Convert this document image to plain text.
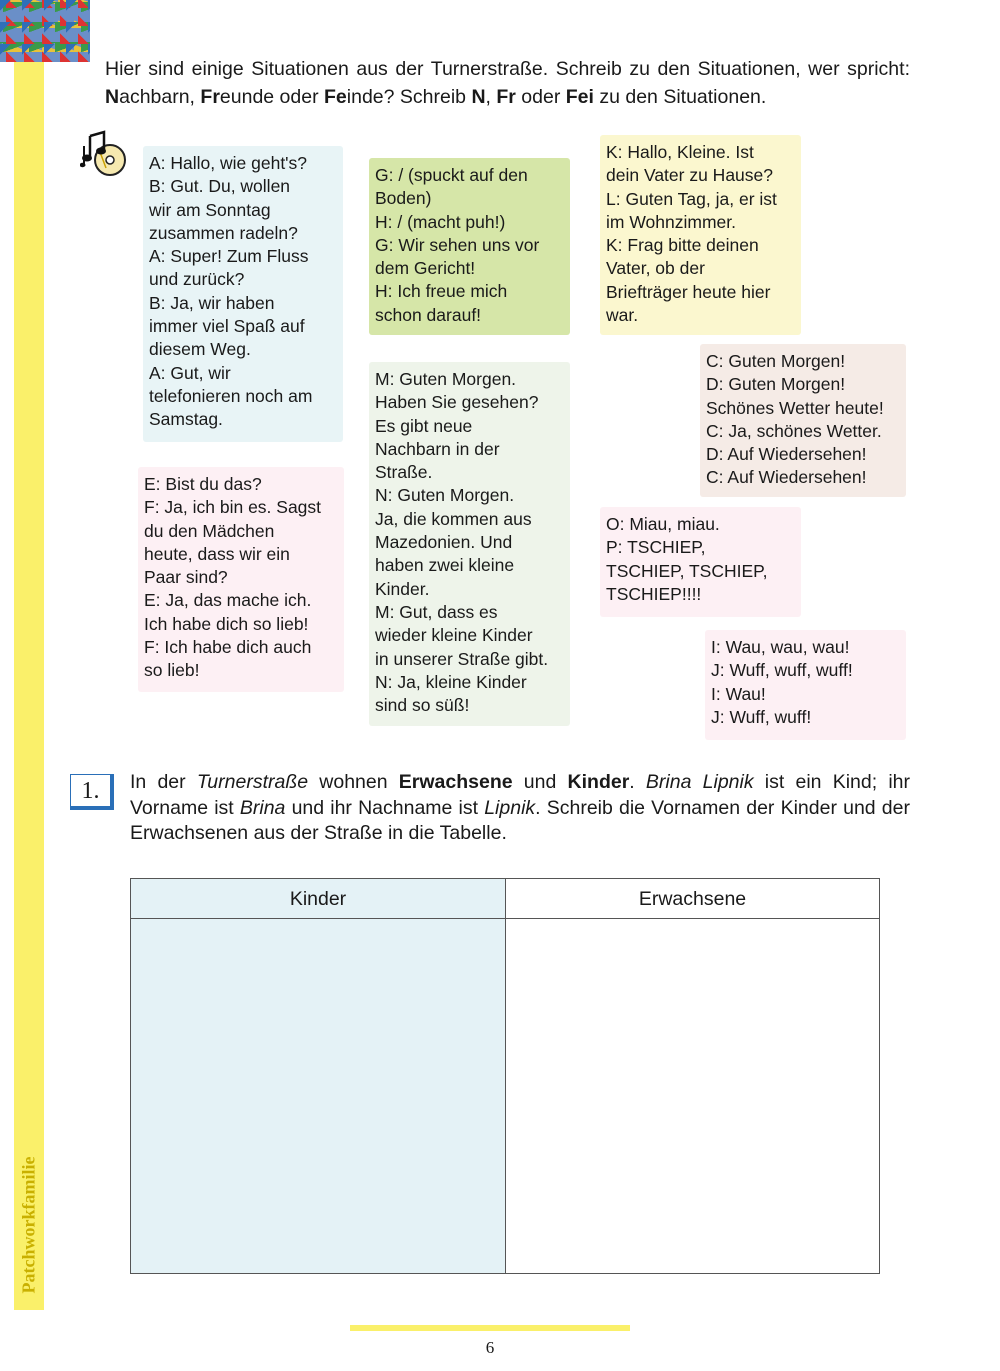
Patchworkfamilie
Hier sind einige Situationen aus der Turnerstraße. Schreib zu den Situationen, wer spricht: Nachbarn, Freunde oder Feinde? Schreib N, Fr oder Fei zu den Situationen.
A: Hallo, wie geht's?
B: Gut. Du, wollen
wir am Sonntag
zusammen radeln?
A: Super! Zum Fluss
und zurück?
B: Ja, wir haben
immer viel Spaß auf
diesem Weg.
A: Gut, wir
telefonieren noch am
Samstag.
G: / (spuckt auf den
Boden)
H: / (macht puh!)
G: Wir sehen uns vor
dem Gericht!
H: Ich freue mich
schon darauf!
K: Hallo, Kleine. Ist
dein Vater zu Hause?
L: Guten Tag, ja, er ist
im Wohnzimmer.
K: Frag bitte deinen
Vater, ob der
Briefträger heute hier
war.
C: Guten Morgen!
D: Guten Morgen!
Schönes Wetter heute!
C: Ja, schönes Wetter.
D: Auf Wiedersehen!
C: Auf Wiedersehen!
M: Guten Morgen.
Haben Sie gesehen?
Es gibt neue
Nachbarn in der
Straße.
N: Guten Morgen.
Ja, die kommen aus
Mazedonien. Und
haben zwei kleine
Kinder.
M: Gut, dass es
wieder kleine Kinder
in unserer Straße gibt.
N: Ja, kleine Kinder
sind so süß!
E: Bist du das?
F: Ja, ich bin es. Sagst
du den Mädchen
heute, dass wir ein
Paar sind?
E: Ja, das mache ich.
Ich habe dich so lieb!
F: Ich habe dich auch
so lieb!
O: Miau, miau.
P: TSCHIEP,
TSCHIEP, TSCHIEP,
TSCHIEP!!!!
I: Wau, wau, wau!
J: Wuff, wuff, wuff!
I: Wau!
J: Wuff, wuff!
1.	In der Turnerstraße wohnen Erwachsene und Kinder. Brina Lipnik ist ein Kind; ihr Vorname ist Brina und ihr Nachname ist Lipnik. Schreib die Vornamen der Kinder und der Erwachsenen aus der Straße in die Tabelle.
Kinder	Erwachsene
6
